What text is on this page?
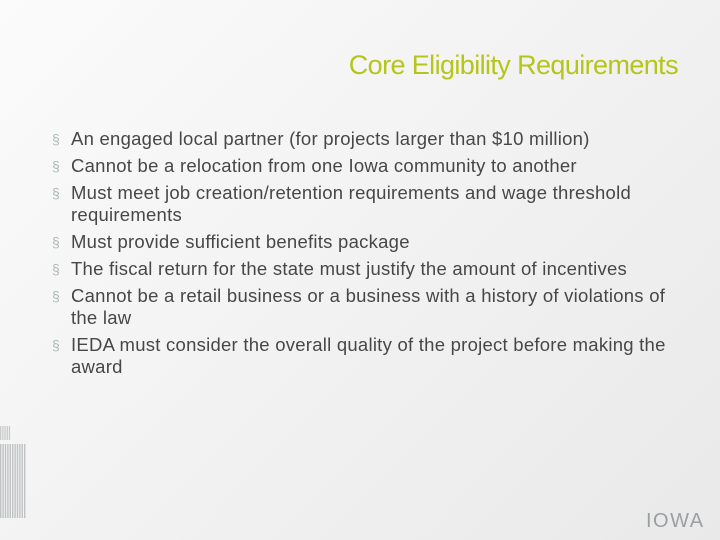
Core Eligibility Requirements
§ An engaged local partner (for projects larger than $10 million)
§ Cannot be a relocation from one Iowa community to another
§ Must meet job creation/retention requirements and wage threshold requirements
§ Must provide sufficient benefits package
§ The fiscal return for the state must justify the amount of incentives
§ Cannot be a retail business or a business with a history of violations of the law
§ IEDA must consider the overall quality of the project before making the award
IOWA
